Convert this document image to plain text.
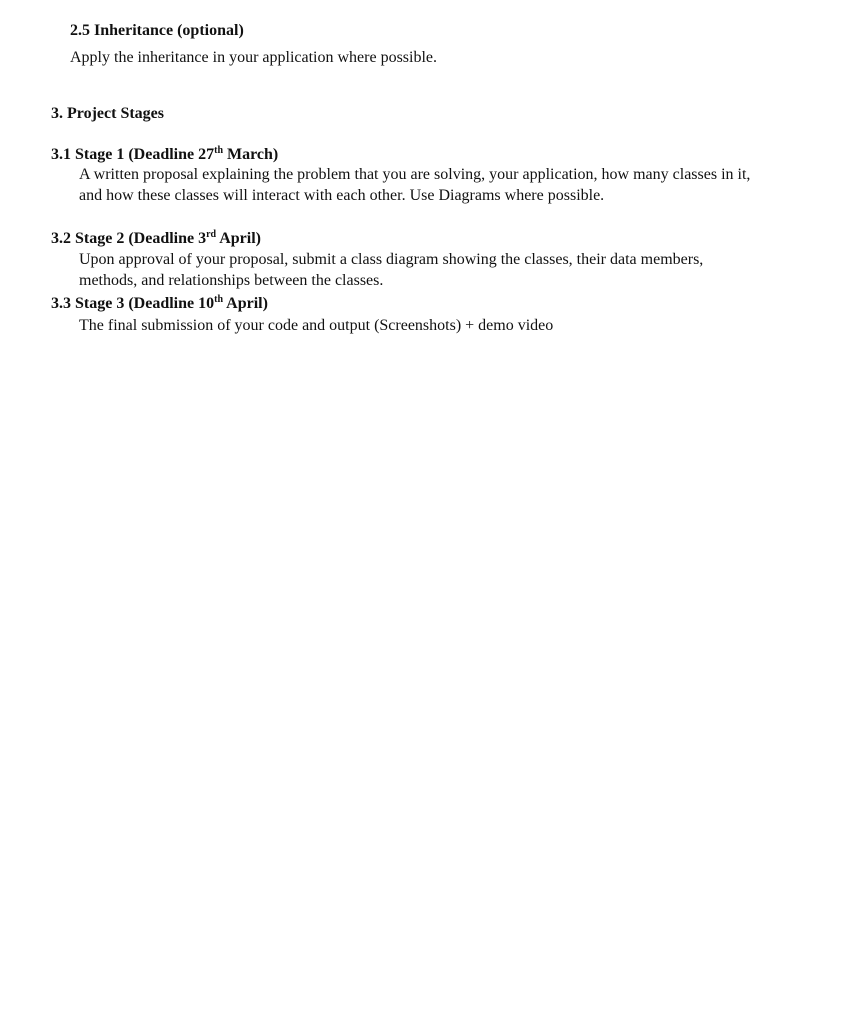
2.5 Inheritance (optional)
Apply the inheritance in your application where possible.
3. Project Stages
3.1 Stage 1 (Deadline 27th March)
A written proposal explaining the problem that you are solving, your application, how many classes in it,
and how these classes will interact with each other. Use Diagrams where possible.
3.2 Stage 2 (Deadline 3rd April)
Upon approval of your proposal, submit a class diagram showing the classes, their data members,
methods, and relationships between the classes.
3.3 Stage 3 (Deadline 10th April)
The final submission of your code and output (Screenshots) + demo video
